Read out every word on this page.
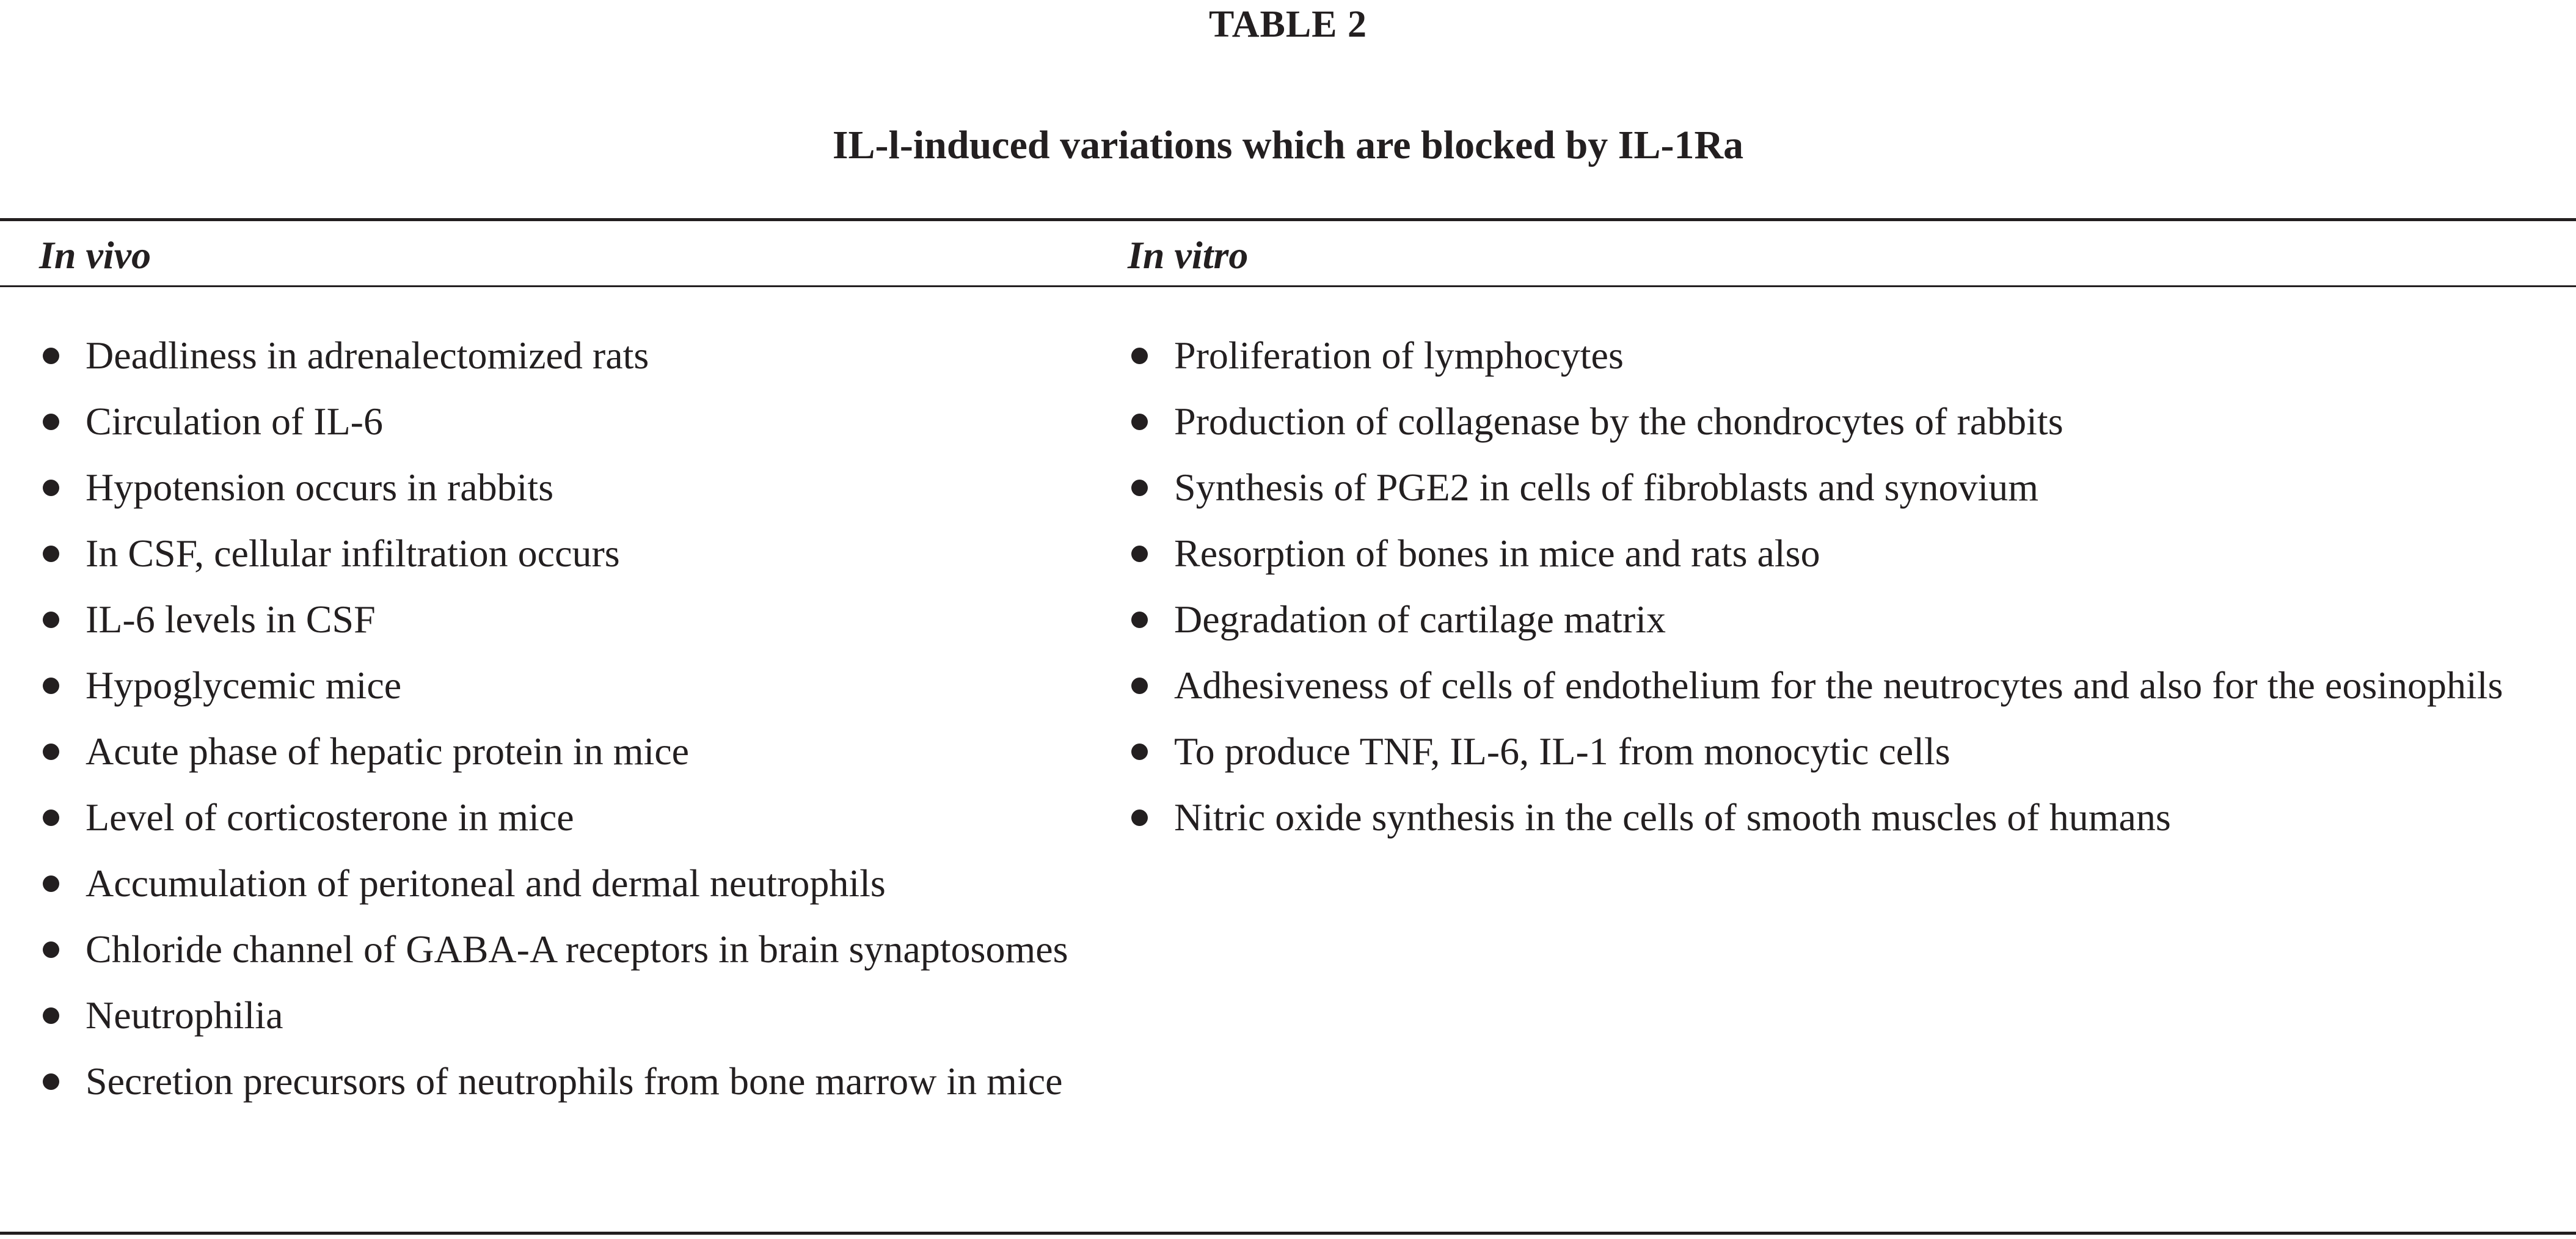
TABLE 2
IL-l-induced variations which are blocked by IL-1Ra
In vivo	In vitro
Deadliness in adrenalectomized rats
Circulation of IL-6
Hypotension occurs in rabbits
In CSF, cellular infiltration occurs
IL-6 levels in CSF
Hypoglycemic mice
Acute phase of hepatic protein in mice
Level of corticosterone in mice
Accumulation of peritoneal and dermal neutrophils
Chloride channel of GABA-A receptors in brain synaptosomes
Neutrophilia
Secretion precursors of neutrophils from bone marrow in mice
Proliferation of lymphocytes
Production of collagenase by the chondrocytes of rabbits
Synthesis of PGE2 in cells of fibroblasts and synovium
Resorption of bones in mice and rats also
Degradation of cartilage matrix
Adhesiveness of cells of endothelium for the neutrocytes and also for the eosinophils
To produce TNF, IL-6, IL-1 from monocytic cells
Nitric oxide synthesis in the cells of smooth muscles of humans
